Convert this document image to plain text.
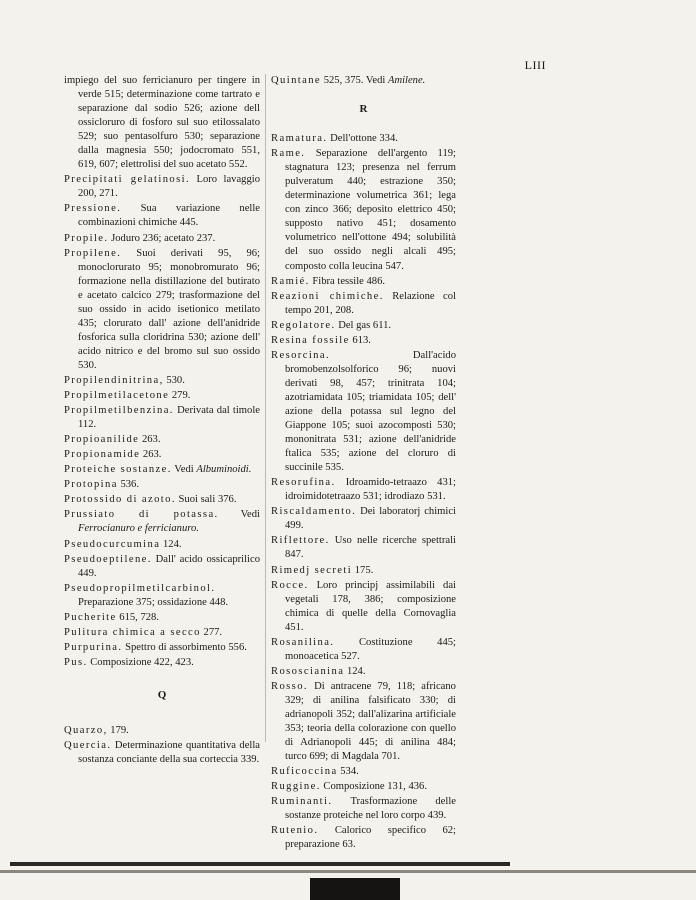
LIII

impiego del suo ferricianuro per tingere in verde 515; determinazione come tartrato e separazione dal sodio 526; azione dell ossicloruro di fosforo sul suo etilossalato 529; suo pentasolfuro 530; separazione dalla magnesia 550; jodocromato 551, 619, 607; elettrolisi del suo acetato 552.

Precipitati gelatinosi. Loro lavaggio 200, 271.

Pressione. Sua variazione nelle combinazioni chimiche 445.

Propile. Joduro 236; acetato 237.

Propilene. Suoi derivati 95, 96; monoclorurato 95; monobromurato 96; formazione nella distillazione del butirato e acetato calcico 279; trasformazione del suo ossido in acido isetionico metilato 435; clorurato dall' azione dell'anidride fosforica sulla cloridrina 530; azione dell' acido nitrico e del bromo sul suo ossido 530.

Propilendinitrina, 530.

Propilmetilacetone 279.

Propilmetilbenzina. Derivata dal timole 112.

Propioanilide 263.

Propionamide 263.

Proteiche sostanze. Vedi Albuminoidi.

Protopina 536.

Protossido di azoto. Suoi sali 376.

Prussiato di potassa. Vedi Ferrocianuro e ferricianuro.

Pseudocurcumina 124.

Pseudoeptilene. Dall' acido ossicaprilico 449.

Pseudopropilmetilcarbinol. Preparazione 375; ossidazione 448.

Pucherite 615, 728.

Pulitura chimica a secco 277.

Purpurina. Spettro di assorbimento 556.

Pus. Composizione 422, 423.

Q

Quarzo, 179.

Quercia. Determinazione quantitativa della sostanza conciante della sua corteccia 339.

Quintane 525, 375. Vedi Amilene.

R

Ramatura. Dell'ottone 334.

Rame. Separazione dell'argento 119; stagnatura 123; presenza nel ferrum pulveratum 440; estrazione 350; determinazione volumetrica 361; lega con zinco 366; deposito elettrico 450; supposto nativo 451; dosamento volumetrico nell'ottone 494; solubilità del suo ossido negli alcali 495; composto colla leucina 547.

Ramié. Fibra tessile 486.

Reazioni chimiche. Relazione col tempo 201, 208.

Regolatore. Del gas 611.

Resina fossile 613.

Resorcina.	Dall'acido bromobenzolsolforico 96; nuovi derivati 98, 457; trinitrata 104; azotriamidata 105; triamidata 105; dell' azione della potassa sul legno del Giappone 105; suoi azocomposti 530; mononitrata 531; azione dell'anidride ftalica 535; azione del cloruro di succinile 535.

Resorufina. Idroamido-tetraazo 431; idroimidotetraazo 531; idrodiazo 531.

Riscaldamento. Dei laboratorj chimici 499.

Riflettore. Uso nelle ricerche spettrali 847.

Rimedj secreti 175.

Rocce. Loro principj assimilabili dai vegetali 178, 386; composizione chimica di quelle della Cornovaglia 451.

Rosanilina. Costituzione 445; monoacetica 527.

Rososcianina 124.

Rosso. Di antracene 79, 118; africano 329; di anilina falsificato 330; di adrianopoli 352; dall'alizarina artificiale 353; teoria della colorazione con quello di Adrianopoli 445; di anilina 484; turco 699; di Magdala 701.

Ruficoccina 534.

Ruggine. Composizione 131, 436.

Ruminanti. Trasformazione delle sostanze proteiche nel loro corpo 439.

Rutenio. Calorico specifico 62; preparazione 63.
